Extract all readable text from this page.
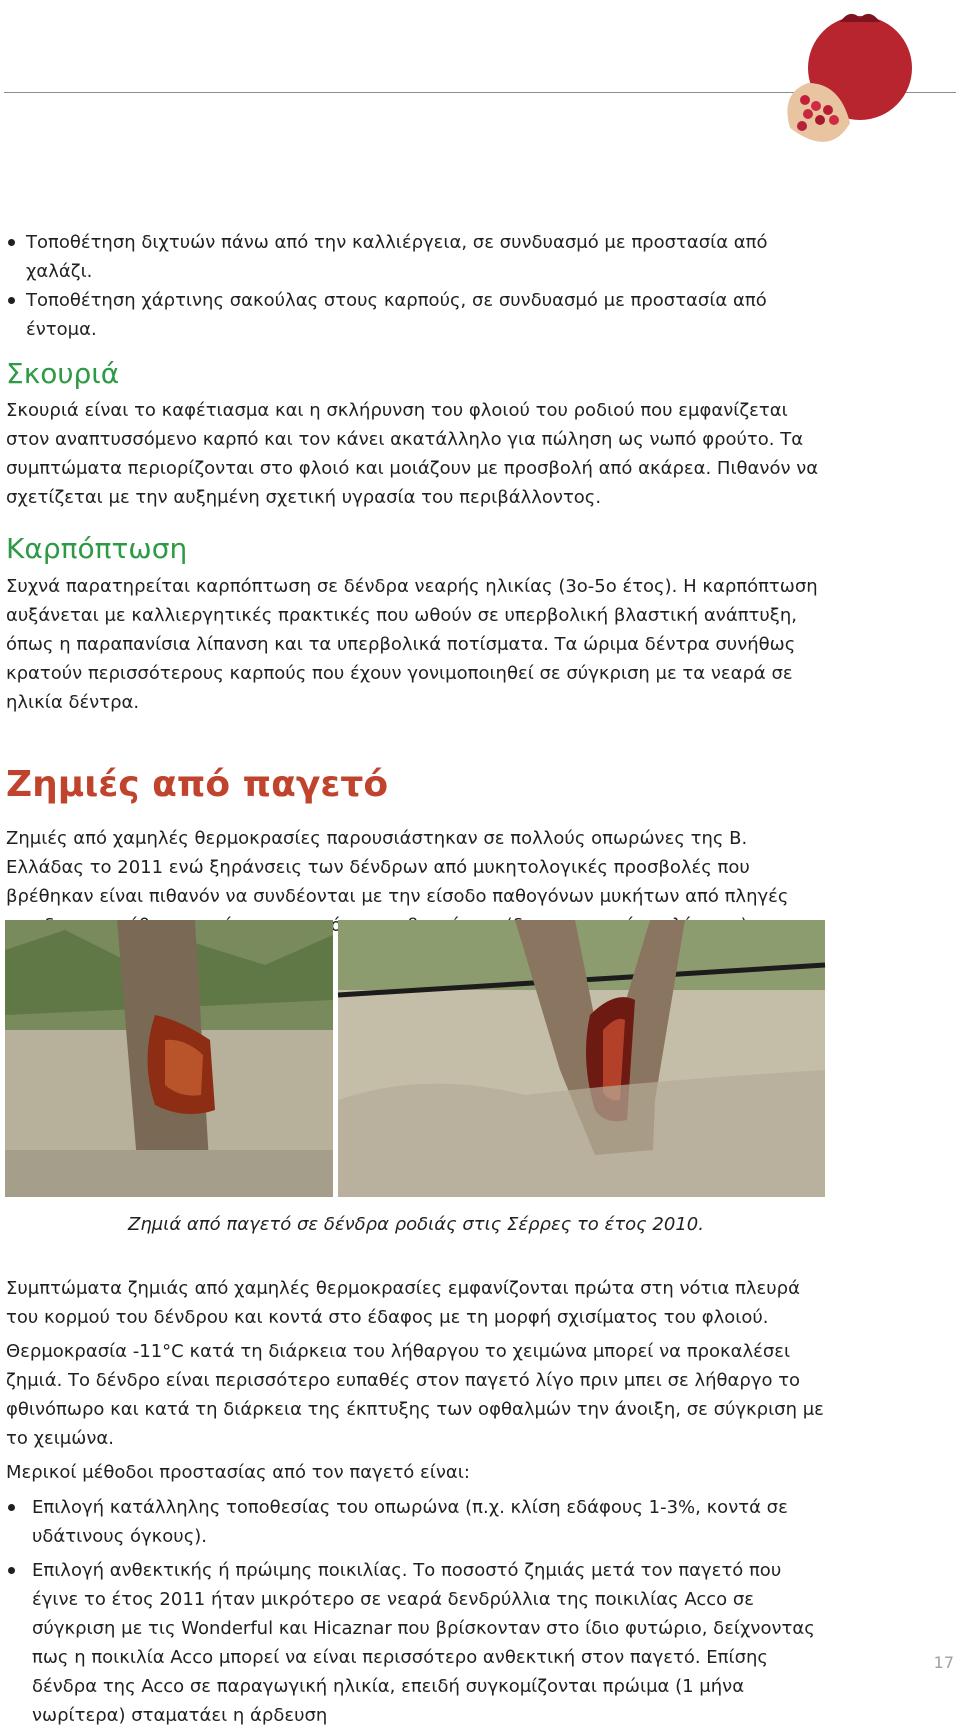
Τοποθέτηση διχτυών πάνω από την καλλιέργεια, σε συνδυασμό με προστασία από χαλάζι.
Τοποθέτηση χάρτινης σακούλας στους καρπούς, σε συνδυασμό με προστασία από έντομα.
Σκουριά

Σκουριά είναι το καφέτιασμα και η σκλήρυνση του φλοιού του ροδιού που εμφανίζεται στον αναπτυσσόμενο καρπό και τον κάνει ακατάλληλο για πώληση ως νωπό φρούτο. Τα συμπτώματα περιορίζονται στο φλοιό και μοιάζουν με προσβολή από ακάρεα. Πιθανόν να σχετίζεται με την αυξημένη σχετική υγρασία του περιβάλλοντος.

Καρπόπτωση

Συχνά παρατηρείται καρπόπτωση σε δένδρα νεαρής ηλικίας (3ο-5ο έτος). Η καρπόπτωση αυξάνεται με καλλιεργητικές πρακτικές που ωθούν σε υπερβολική βλαστική ανάπτυξη, όπως η παραπανίσια λίπανση και τα υπερβολικά ποτίσματα. Τα ώριμα δέντρα συνήθως κρατούν περισσότερους καρπούς που έχουν γονιμοποιηθεί σε σύγκριση με τα νεαρά σε ηλικία δέντρα.

Ζημιές από παγετό

Ζημιές από χαμηλές θερμοκρασίες παρουσιάστηκαν σε πολλούς οπωρώνες της Β. Ελλάδας το 2011 ενώ ξηράνσεις των δένδρων από μυκητολογικές προσβολές που βρέθηκαν είναι πιθανόν να συνδέονται με την είσοδο παθογόνων μυκήτων από πληγές

Ζημιά από παγετό σε δένδρα ροδιάς στις Σέρρες το έτος 2010.

Συμπτώματα ζημιάς από χαμηλές θερμοκρασίες εμφανίζονται πρώτα στη νότια πλευρά του κορμού του δένδρου και κοντά στο έδαφος με τη μορφή σχισίματος του φλοιού.

Θερμοκρασία -11°C κατά τη διάρκεια του λήθαργου το χειμώνα μπορεί να προκαλέσει ζημιά. Το δένδρο είναι περισσότερο ευπαθές στον παγετό λίγο πριν μπει σε λήθαργο το φθινόπωρο και κατά τη διάρκεια της έκπτυξης των οφθαλμών την άνοιξη, σε σύγκριση με το χειμώνα.

Μερικοί μέθοδοι προστασίας από τον παγετό είναι:

Επιλογή κατάλληλης τοποθεσίας του οπωρώνα (π.χ. κλίση εδάφους 1-3%, κοντά σε υδάτινους όγκους).
Επιλογή ανθεκτικής ή πρώιμης ποικιλίας. Το ποσοστό ζημιάς μετά τον παγετό που έγινε το έτος 2011 ήταν μικρότερο σε νεαρά δενδρύλλια της ποικιλίας Acco σε σύγκριση με τις Wonderful και Hicaznar που βρίσκονταν στο ίδιο φυτώριο, δείχνοντας πως η ποικιλία Acco μπορεί να είναι περισσότερο ανθεκτική στον παγετό. Επίσης δένδρα της Acco σε παραγωγική ηλικία, επειδή συγκομίζονται πρώιμα (1 μήνα νωρίτερα) σταματάει η άρδευση
17
